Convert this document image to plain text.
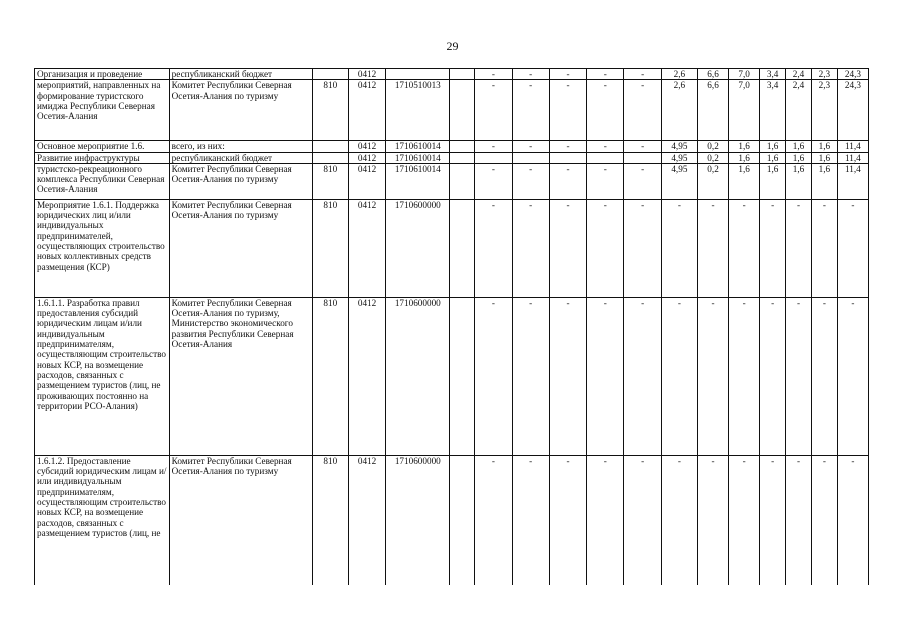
29
Организация и проведение	республиканский бюджет		0412			-	-	-	-	-	2,6	6,6	7,0	3,4	2,4	2,3	24,3
мероприятий, направленных на формирование туристского имиджа Республики Северная Осетия-Алания	Комитет Республики Северная Осетия-Алания по туризму	810	0412	1710510013		-	-	-	-	-	2,6	6,6	7,0	3,4	2,4	2,3	24,3
Основное мероприятие 1.6.	всего, из них:		0412	1710610014		-	-	-	-	-	4,95	0,2	1,6	1,6	1,6	1,6	11,4
Развитие инфраструктуры	республиканский бюджет		0412	1710610014							4,95	0,2	1,6	1,6	1,6	1,6	11,4
туристско-рекреационного комплекса Республики Северная Осетия-Алания	Комитет Республики Северная Осетия-Алания по туризму	810	0412	1710610014		-	-	-	-	-	4,95	0,2	1,6	1,6	1,6	1,6	11,4
Мероприятие 1.6.1. Поддержка юридических лиц и/или индивидуальных предпринимателей, осуществляющих строительство новых коллективных средств размещения (КСР)	Комитет Республики Северная Осетия-Алания по туризму	810	0412	1710600000		-	-	-	-	-	-	-	-	-	-	-	-
1.6.1.1. Разработка правил предоставления субсидий юридическим лицам и/или индивидуальным предпринимателям, осуществляющим строительство новых КСР, на возмещение расходов, связанных с размещением туристов (лиц, не проживающих постоянно на территории РСО-Алания)	Комитет Республики Северная Осетия-Алания по туризму, Министерство экономического развития Республики Северная Осетия-Алания	810	0412	1710600000		-	-	-	-	-	-	-	-	-	-	-	-
1.6.1.2. Предоставление субсидий юридическим лицам и/или индивидуальным предпринимателям, осуществляющим строительство новых КСР, на возмещение расходов, связанных с размещением туристов (лиц, не	Комитет Республики Северная Осетия-Алания по туризму	810	0412	1710600000		-	-	-	-	-	-	-	-	-	-	-	-
